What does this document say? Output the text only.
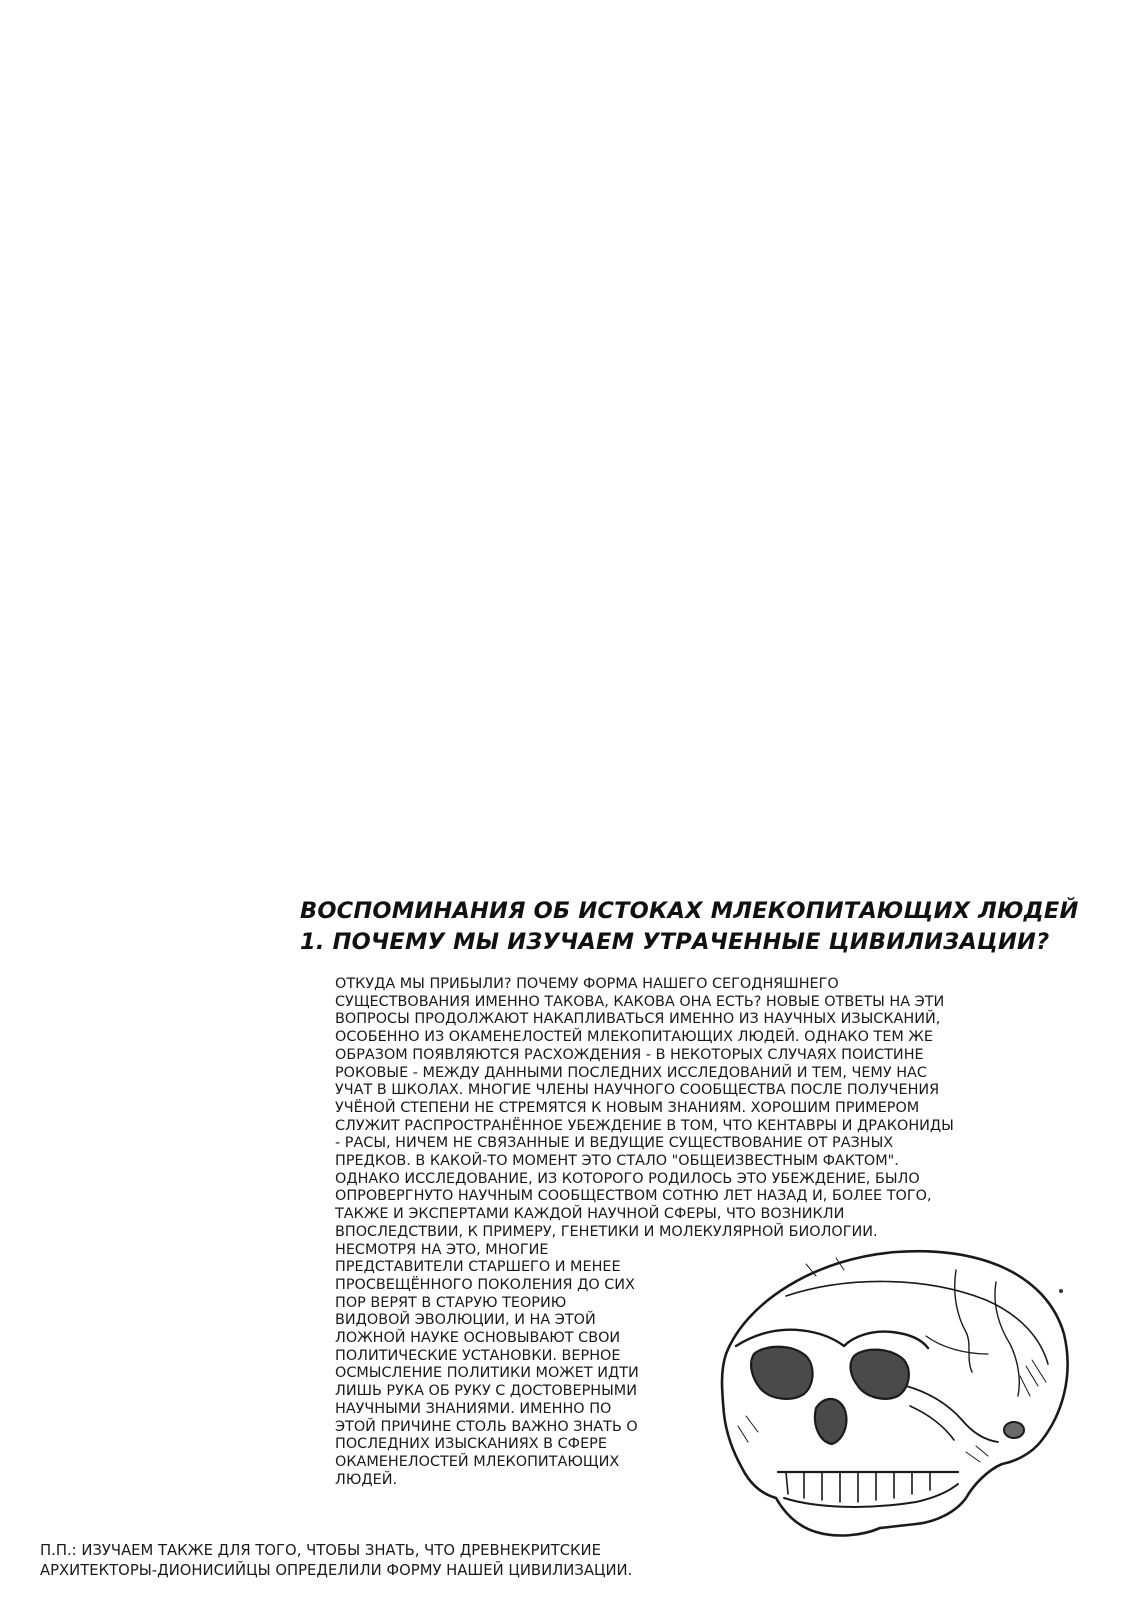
ВОСПОМИНАНИЯ ОБ ИСТОКАХ МЛЕКОПИТАЮЩИХ ЛЮДЕЙ
1. ПОЧЕМУ МЫ ИЗУЧАЕМ УТРАЧЕННЫЕ ЦИВИЛИЗАЦИИ?
ОТКУДА МЫ ПРИБЫЛИ? ПОЧЕМУ ФОРМА НАШЕГО СЕГОДНЯШНЕГО
СУЩЕСТВОВАНИЯ ИМЕННО ТАКОВА, КАКОВА ОНА ЕСТЬ? НОВЫЕ ОТВЕТЫ НА ЭТИ
ВОПРОСЫ ПРОДОЛЖАЮТ НАКАПЛИВАТЬСЯ ИМЕННО ИЗ НАУЧНЫХ ИЗЫСКАНИЙ,
ОСОБЕННО ИЗ ОКАМЕНЕЛОСТЕЙ МЛЕКОПИТАЮЩИХ ЛЮДЕЙ. ОДНАКО ТЕМ ЖЕ
ОБРАЗОМ ПОЯВЛЯЮТСЯ РАСХОЖДЕНИЯ - В НЕКОТОРЫХ СЛУЧАЯХ ПОИСТИНЕ
РОКОВЫЕ - МЕЖДУ ДАННЫМИ ПОСЛЕДНИХ ИССЛЕДОВАНИЙ И ТЕМ, ЧЕМУ НАС
УЧАТ В ШКОЛАХ. МНОГИЕ ЧЛЕНЫ НАУЧНОГО СООБЩЕСТВА ПОСЛЕ ПОЛУЧЕНИЯ
УЧЁНОЙ СТЕПЕНИ НЕ СТРЕМЯТСЯ К НОВЫМ ЗНАНИЯМ. ХОРОШИМ ПРИМЕРОМ
СЛУЖИТ РАСПРОСТРАНЁННОЕ УБЕЖДЕНИЕ В ТОМ, ЧТО КЕНТАВРЫ И ДРАКОНИДЫ
- РАСЫ, НИЧЕМ НЕ СВЯЗАННЫЕ И ВЕДУЩИЕ СУЩЕСТВОВАНИЕ ОТ РАЗНЫХ
ПРЕДКОВ. В КАКОЙ-ТО МОМЕНТ ЭТО СТАЛО "ОБЩЕИЗВЕСТНЫМ ФАКТОМ".
ОДНАКО ИССЛЕДОВАНИЕ, ИЗ КОТОРОГО РОДИЛОСЬ ЭТО УБЕЖДЕНИЕ, БЫЛО
ОПРОВЕРГНУТО НАУЧНЫМ СООБЩЕСТВОМ СОТНЮ ЛЕТ НАЗАД И, БОЛЕЕ ТОГО,
ТАКЖЕ И ЭКСПЕРТАМИ КАЖДОЙ НАУЧНОЙ СФЕРЫ, ЧТО ВОЗНИКЛИ
ВПОСЛЕДСТВИИ, К ПРИМЕРУ, ГЕНЕТИКИ И МОЛЕКУЛЯРНОЙ БИОЛОГИИ.
НЕСМОТРЯ НА ЭТО, МНОГИЕ
ПРЕДСТАВИТЕЛИ СТАРШЕГО И МЕНЕЕ
ПРОСВЕЩЁННОГО ПОКОЛЕНИЯ ДО СИХ
ПОР ВЕРЯТ В СТАРУЮ ТЕОРИЮ
ВИДОВОЙ ЭВОЛЮЦИИ, И НА ЭТОЙ
ЛОЖНОЙ НАУКЕ ОСНОВЫВАЮТ СВОИ
ПОЛИТИЧЕСКИЕ УСТАНОВКИ. ВЕРНОЕ
ОСМЫСЛЕНИЕ ПОЛИТИКИ МОЖЕТ ИДТИ
ЛИШЬ РУКА ОБ РУКУ С ДОСТОВЕРНЫМИ
НАУЧНЫМИ ЗНАНИЯМИ. ИМЕННО ПО
ЭТОЙ ПРИЧИНЕ СТОЛЬ ВАЖНО ЗНАТЬ О
ПОСЛЕДНИХ ИЗЫСКАНИЯХ В СФЕРЕ
ОКАМЕНЕЛОСТЕЙ МЛЕКОПИТАЮЩИХ
ЛЮДЕЙ.
П.П.: ИЗУЧАЕМ ТАКЖЕ ДЛЯ ТОГО, ЧТОБЫ ЗНАТЬ, ЧТО ДРЕВНЕКРИТСКИЕ
АРХИТЕКТОРЫ-ДИОНИСИЙЦЫ ОПРЕДЕЛИЛИ ФОРМУ НАШЕЙ ЦИВИЛИЗАЦИИ.
